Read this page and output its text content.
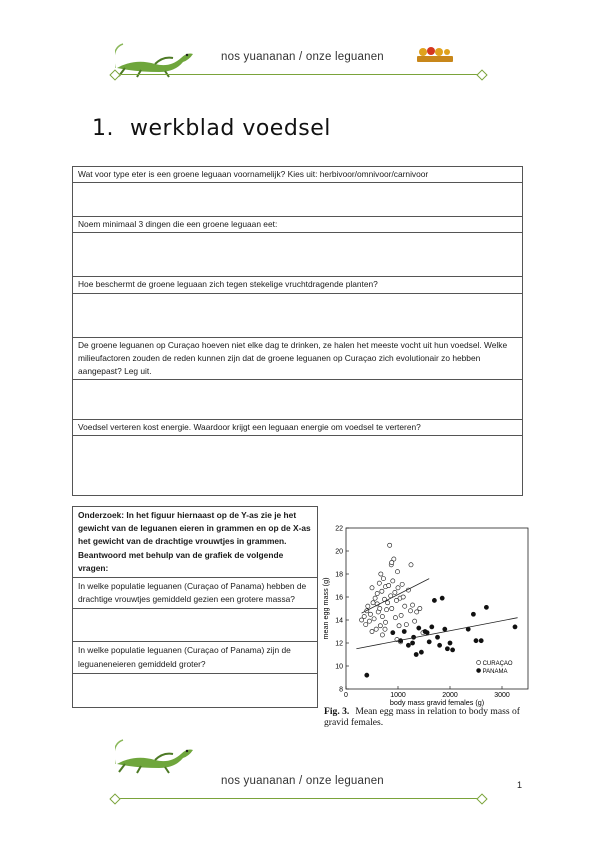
nos yuananan / onze leguanen
1. werkblad voedsel
Wat voor type eter is een groene leguaan voornamelijk? Kies uit: herbivoor/omnivoor/carnivoor
Noem minimaal 3 dingen die een groene leguaan eet:
Hoe beschermt de groene leguaan zich tegen stekelige vruchtdragende planten?
De groene leguanen op Curaçao hoeven niet elke dag te drinken, ze halen het meeste vocht uit hun voedsel. Welke milieufactoren zouden de reden kunnen zijn dat de groene leguanen op Curaçao zich evolutionair zo hebben aangepast? Leg uit.
Voedsel verteren kost energie. Waardoor krijgt een leguaan energie om voedsel te verteren?
Onderzoek: In het figuur hiernaast op de Y-as zie je het gewicht van de leguanen eieren in grammen en op de X-as het gewicht van de drachtige vrouwtjes in grammen. Beantwoord met behulp van de grafiek de volgende vragen:
In welke populatie leguanen (Curaçao of Panama) hebben de drachtige vrouwtjes gemiddeld gezien een grotere massa?
In welke populatie leguanen (Curaçao of Panama) zijn de leguaneneieren gemiddeld groter?
8
10
12
14
16
18
20
22
0	1000	2000	3000
body mass gravid females (g)
mean egg mass (g)
CURAÇAO
PANAMA
Fig. 3. Mean egg mass in relation to body mass of gravid females.
nos yuananan / onze leguanen	1
